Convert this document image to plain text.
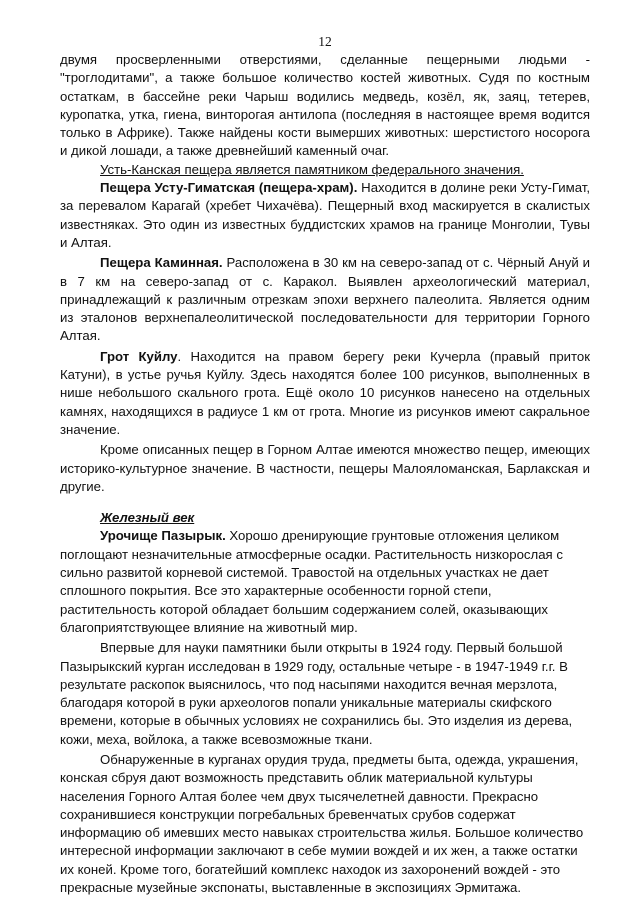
12

двумя просверленными отверстиями, сделанные пещерными людьми - "троглодитами", а также большое количество костей животных. Судя по костным остаткам, в бассейне реки Чарыш водились медведь, козёл, як, заяц, тетерев, куропатка, утка, гиена, винторогая антилопа (последняя в настоящее время водится только в Африке). Также найдены кости вымерших животных: шерстистого носорога и дикой лошади, а также древнейший каменный очаг.

Усть-Канская пещера является памятником федерального значения.

Пещера Усту-Гиматская (пещера-храм). Находится в долине реки Усту-Гимат, за перевалом Карагай (хребет Чихачёва). Пещерный вход маскируется в скалистых известняках. Это один из известных буддистских храмов на границе Монголии, Тувы и Алтая.

Пещера Каминная. Расположена в 30 км на северо-запад от с. Чёрный Ануй и в 7 км на северо-запад от с. Каракол. Выявлен археологический материал, принадлежащий к различным отрезкам эпохи верхнего палеолита. Является одним из эталонов верхнепалеолитической последовательности для территории Горного Алтая.

Грот Куйлу. Находится на правом берегу реки Кучерла (правый приток Катуни), в устье ручья Куйлу. Здесь находятся более 100 рисунков, выполненных в нише небольшого скального грота. Ещё около 10 рисунков нанесено на отдельных камнях, находящихся в радиусе 1 км от грота. Многие из рисунков имеют сакральное значение.

Кроме описанных пещер в Горном Алтае имеются множество пещер, имеющих историко-культурное значение. В частности, пещеры Малояломанская, Барлакская и другие.

Железный век

Урочище Пазырык. Хорошо дренирующие грунтовые отложения целиком поглощают незначительные атмосферные осадки. Растительность низкорослая с сильно развитой корневой системой. Травостой на отдельных участках не дает сплошного покрытия. Все это характерные особенности горной степи, растительность которой обладает большим содержанием солей, оказывающих благоприятствующее влияние на животный мир.

Впервые для науки памятники были открыты в 1924 году. Первый большой Пазырыкский курган исследован в 1929 году, остальные четыре - в 1947-1949 г.г. В результате раскопок выяснилось, что под насыпями находится вечная мерзлота, благодаря которой в руки археологов попали уникальные материалы скифского времени, которые в обычных условиях не сохранились бы. Это изделия из дерева, кожи, меха, войлока, а также всевозможные ткани.

Обнаруженные в курганах орудия труда, предметы быта, одежда, украшения, конская сбруя дают возможность представить облик материальной культуры населения Горного Алтая более чем двух тысячелетней давности. Прекрасно сохранившиеся конструкции погребальных бревенчатых срубов содержат информацию об имевших место навыках строительства жилья. Большое количество интересной информации заключают в себе мумии вождей и их жен, а также остатки их коней. Кроме того, богатейший комплекс находок из захоронений вождей - это прекрасные музейные экспонаты, выставленные в экспозициях Эрмитажа.
